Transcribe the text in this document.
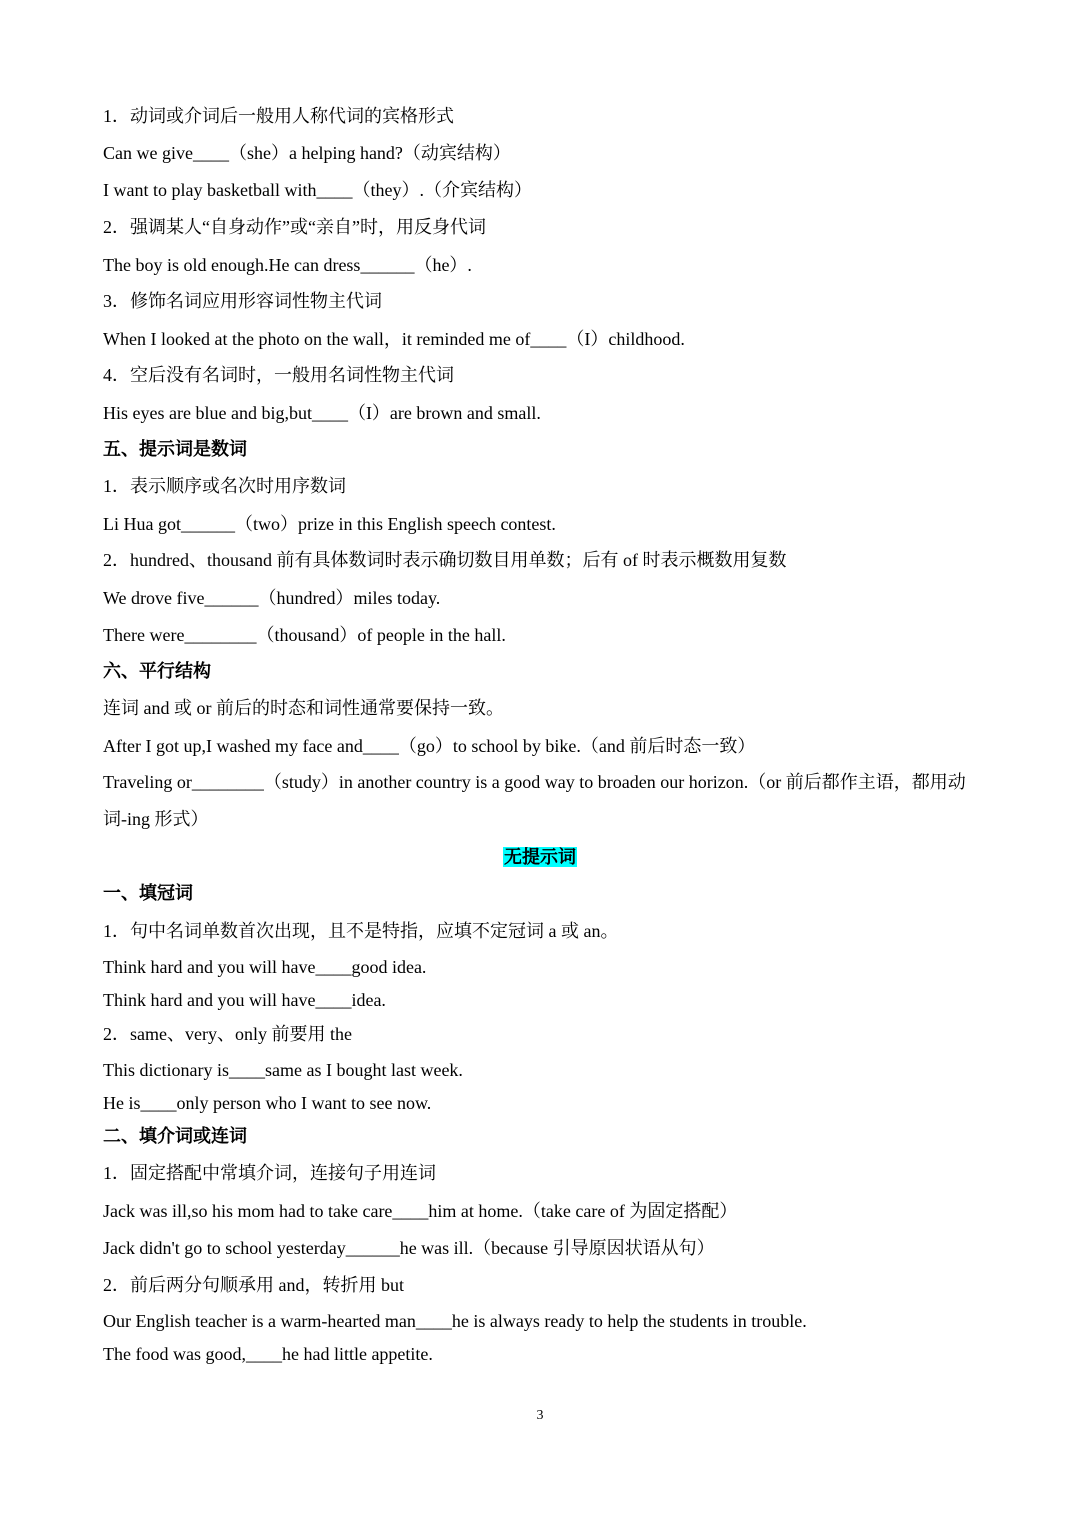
1．动词或介词后一般用人称代词的宾格形式
Can we give____（she）a helping hand?（动宾结构）
I want to play basketball with____（they）.（介宾结构）
2．强调某人“自身动作”或“亲自”时，用反身代词
The boy is old enough.He can dress______（he）.
3．修饰名词应用形容词性物主代词
When I looked at the photo on the wall，it reminded me of____（I）childhood.
4．空后没有名词时，一般用名词性物主代词
His eyes are blue and big,but____（I）are brown and small.
五、提示词是数词
1．表示顺序或名次时用序数词
Li Hua got______（two）prize in this English speech contest.
2．hundred、thousand 前有具体数词时表示确切数目用单数；后有 of 时表示概数用复数
We drove five______（hundred）miles today.
There were________（thousand）of people in the hall.
六、平行结构
连词 and 或 or 前后的时态和词性通常要保持一致。
After I got up,I washed my face and____（go）to school by bike.（and 前后时态一致）
Traveling or________（study）in another country is a good way to broaden our horizon.（or 前后都作主语，都用动词-ing 形式）
无提示词
一、填冠词
1．句中名词单数首次出现，且不是特指，应填不定冠词 a 或 an。
Think hard and you will have____good idea.
Think hard and you will have____idea.
2．same、very、only 前要用 the
This dictionary is____same as I bought last week.
He is____only person who I want to see now.
二、填介词或连词
1．固定搭配中常填介词，连接句子用连词
Jack was ill,so his mom had to take care____him at home.（take care of 为固定搭配）
Jack didn't go to school yesterday______he was ill.（because 引导原因状语从句）
2．前后两分句顺承用 and，转折用 but
Our English teacher is a warm-hearted man____he is always ready to help the students in trouble.
The food was good,____he had little appetite.
3
